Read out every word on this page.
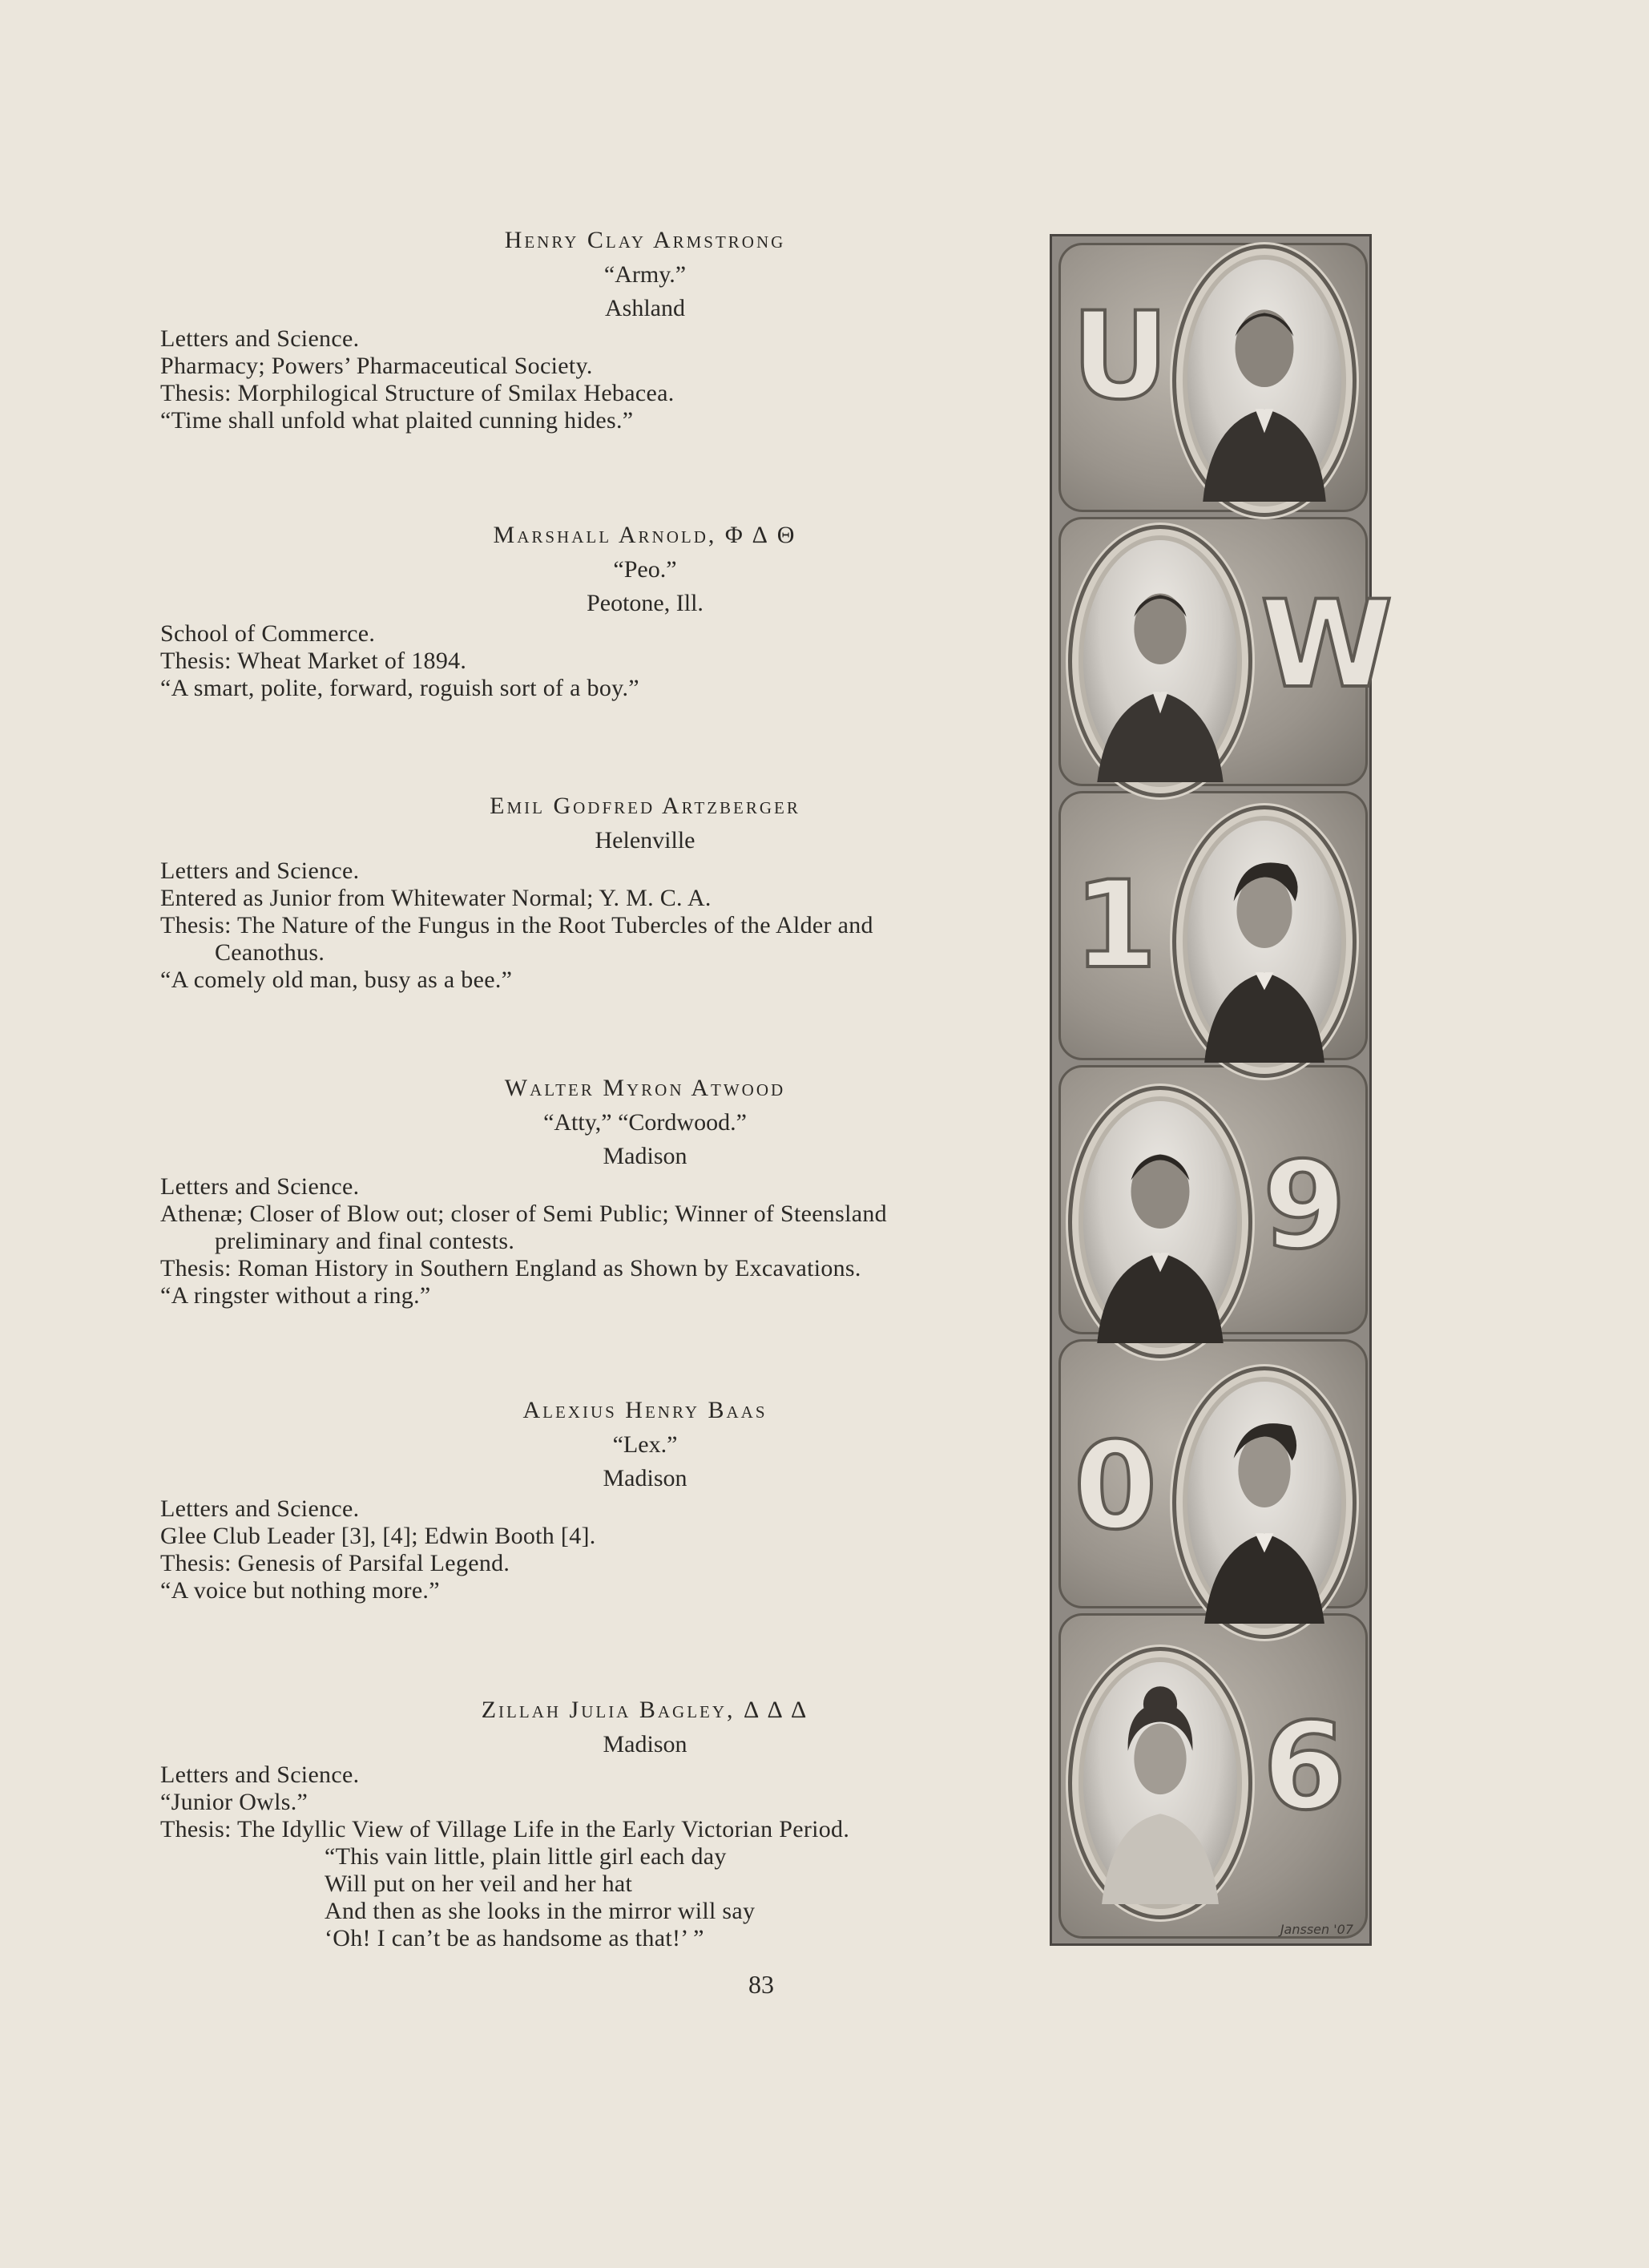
Henry Clay Armstrong
“Army.”
Ashland
Letters and Science.
Pharmacy; Powers’ Pharmaceutical Society.
Thesis: Morphilogical Structure of Smilax Hebacea.
“Time shall unfold what plaited cunning hides.”
Marshall Arnold, Φ Δ Θ
“Peo.”
Peotone, Ill.
School of Commerce.
Thesis: Wheat Market of 1894.
“A smart, polite, forward, roguish sort of a boy.”
Emil Godfred Artzberger
Helenville
Letters and Science.
Entered as Junior from Whitewater Normal; Y. M. C. A.
Thesis: The Nature of the Fungus in the Root Tubercles of the Alder and
Ceanothus.
“A comely old man, busy as a bee.”
Walter Myron Atwood
“Atty,” “Cordwood.”
Madison
Letters and Science.
Athenæ; Closer of Blow out; closer of Semi Public; Winner of Steensland
preliminary and final contests.
Thesis: Roman History in Southern England as Shown by Excavations.
“A ringster without a ring.”
Alexius Henry Baas
“Lex.”
Madison
Letters and Science.
Glee Club Leader [3], [4]; Edwin Booth [4].
Thesis: Genesis of Parsifal Legend.
“A voice but nothing more.”
Zillah Julia Bagley, Δ Δ Δ
Madison
Letters and Science.
“Junior Owls.”
Thesis: The Idyllic View of Village Life in the Early Victorian Period.
“This vain little, plain little girl each day
Will put on her veil and her hat
And then as she looks in the mirror will say
‘Oh! I can’t be as handsome as that!’ ”
83
U
W
1
9
0
6
Janssen '07
